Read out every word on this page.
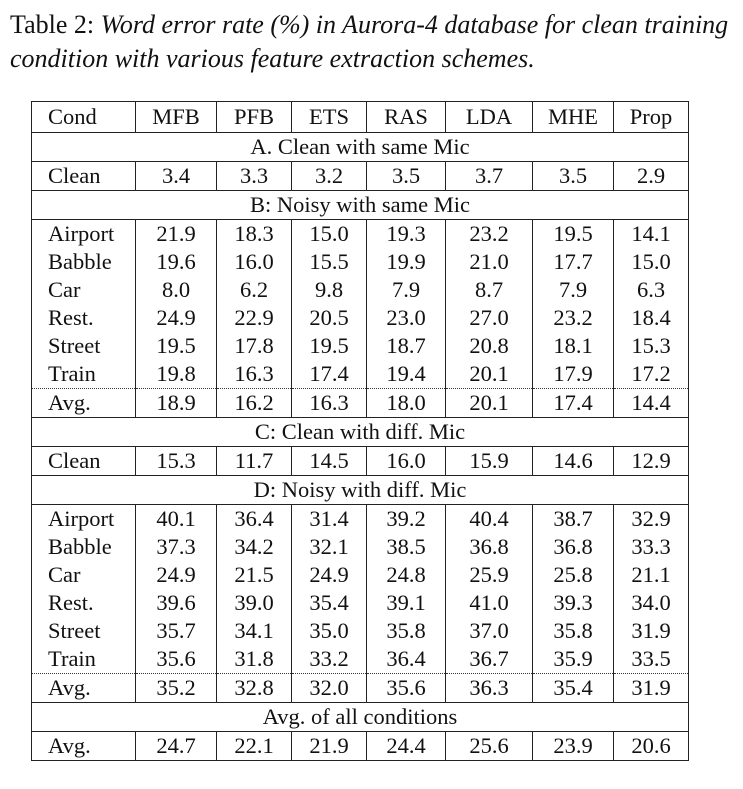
Table 2: Word error rate (%) in Aurora-4 database for clean training condition with various feature extraction schemes.
Cond	MFB	PFB	ETS	RAS	LDA	MHE	Prop
A. Clean with same Mic							
Clean	3.4	3.3	3.2	3.5	3.7	3.5	2.9
B: Noisy with same Mic							
Airport	21.9	18.3	15.0	19.3	23.2	19.5	14.1
Babble	19.6	16.0	15.5	19.9	21.0	17.7	15.0
Car	8.0	6.2	9.8	7.9	8.7	7.9	6.3
Rest.	24.9	22.9	20.5	23.0	27.0	23.2	18.4
Street	19.5	17.8	19.5	18.7	20.8	18.1	15.3
Train	19.8	16.3	17.4	19.4	20.1	17.9	17.2
Avg.	18.9	16.2	16.3	18.0	20.1	17.4	14.4
C: Clean with diff. Mic							
Clean	15.3	11.7	14.5	16.0	15.9	14.6	12.9
D: Noisy with diff. Mic							
Airport	40.1	36.4	31.4	39.2	40.4	38.7	32.9
Babble	37.3	34.2	32.1	38.5	36.8	36.8	33.3
Car	24.9	21.5	24.9	24.8	25.9	25.8	21.1
Rest.	39.6	39.0	35.4	39.1	41.0	39.3	34.0
Street	35.7	34.1	35.0	35.8	37.0	35.8	31.9
Train	35.6	31.8	33.2	36.4	36.7	35.9	33.5
Avg.	35.2	32.8	32.0	35.6	36.3	35.4	31.9
Avg. of all conditions							
Avg.	24.7	22.1	21.9	24.4	25.6	23.9	20.6
